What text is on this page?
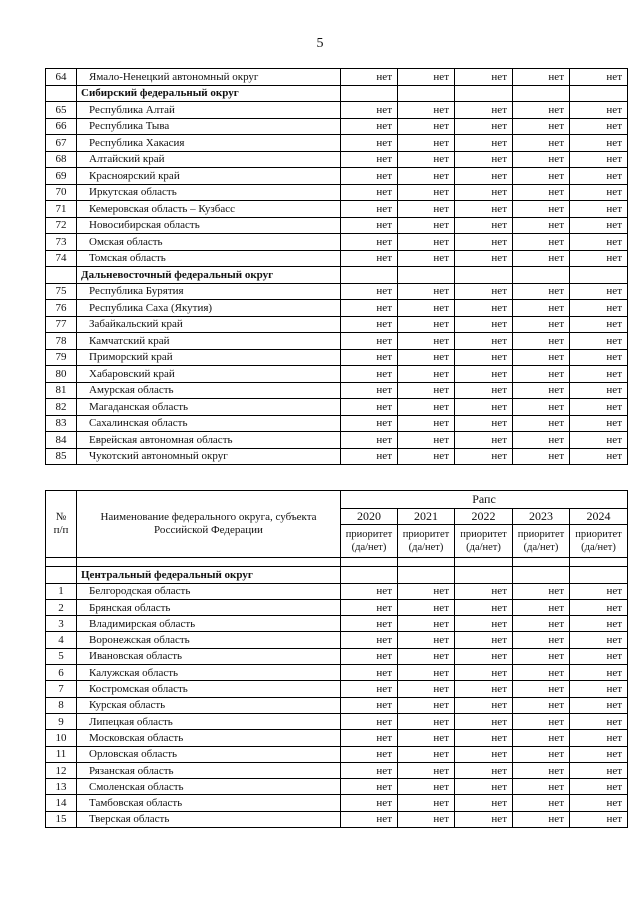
5
64	Ямало-Ненецкий автономный округ	нет	нет	нет	нет	нет
	Сибирский федеральный округ					
65	Республика Алтай	нет	нет	нет	нет	нет
66	Республика Тыва	нет	нет	нет	нет	нет
67	Республика Хакасия	нет	нет	нет	нет	нет
68	Алтайский край	нет	нет	нет	нет	нет
69	Красноярский край	нет	нет	нет	нет	нет
70	Иркутская область	нет	нет	нет	нет	нет
71	Кемеровская область – Кузбасс	нет	нет	нет	нет	нет
72	Новосибирская область	нет	нет	нет	нет	нет
73	Омская область	нет	нет	нет	нет	нет
74	Томская область	нет	нет	нет	нет	нет
	Дальневосточный федеральный округ					
75	Республика Бурятия	нет	нет	нет	нет	нет
76	Республика Саха (Якутия)	нет	нет	нет	нет	нет
77	Забайкальский край	нет	нет	нет	нет	нет
78	Камчатский край	нет	нет	нет	нет	нет
79	Приморский край	нет	нет	нет	нет	нет
80	Хабаровский край	нет	нет	нет	нет	нет
81	Амурская область	нет	нет	нет	нет	нет
82	Магаданская область	нет	нет	нет	нет	нет
83	Сахалинская область	нет	нет	нет	нет	нет
84	Еврейская автономная область	нет	нет	нет	нет	нет
85	Чукотский автономный округ	нет	нет	нет	нет	нет
№ п/п	Наименование федерального округа, субъекта Российской Федерации	Рапс				
		2020	2021	2022	2023	2024
		приоритет (да/нет)	приоритет (да/нет)	приоритет (да/нет)	приоритет (да/нет)	приоритет (да/нет)

	Центральный федеральный округ					
1	Белгородская область	нет	нет	нет	нет	нет
2	Брянская область	нет	нет	нет	нет	нет
3	Владимирская область	нет	нет	нет	нет	нет
4	Воронежская область	нет	нет	нет	нет	нет
5	Ивановская область	нет	нет	нет	нет	нет
6	Калужская область	нет	нет	нет	нет	нет
7	Костромская область	нет	нет	нет	нет	нет
8	Курская область	нет	нет	нет	нет	нет
9	Липецкая область	нет	нет	нет	нет	нет
10	Московская область	нет	нет	нет	нет	нет
11	Орловская область	нет	нет	нет	нет	нет
12	Рязанская область	нет	нет	нет	нет	нет
13	Смоленская область	нет	нет	нет	нет	нет
14	Тамбовская область	нет	нет	нет	нет	нет
15	Тверская область	нет	нет	нет	нет	нет
